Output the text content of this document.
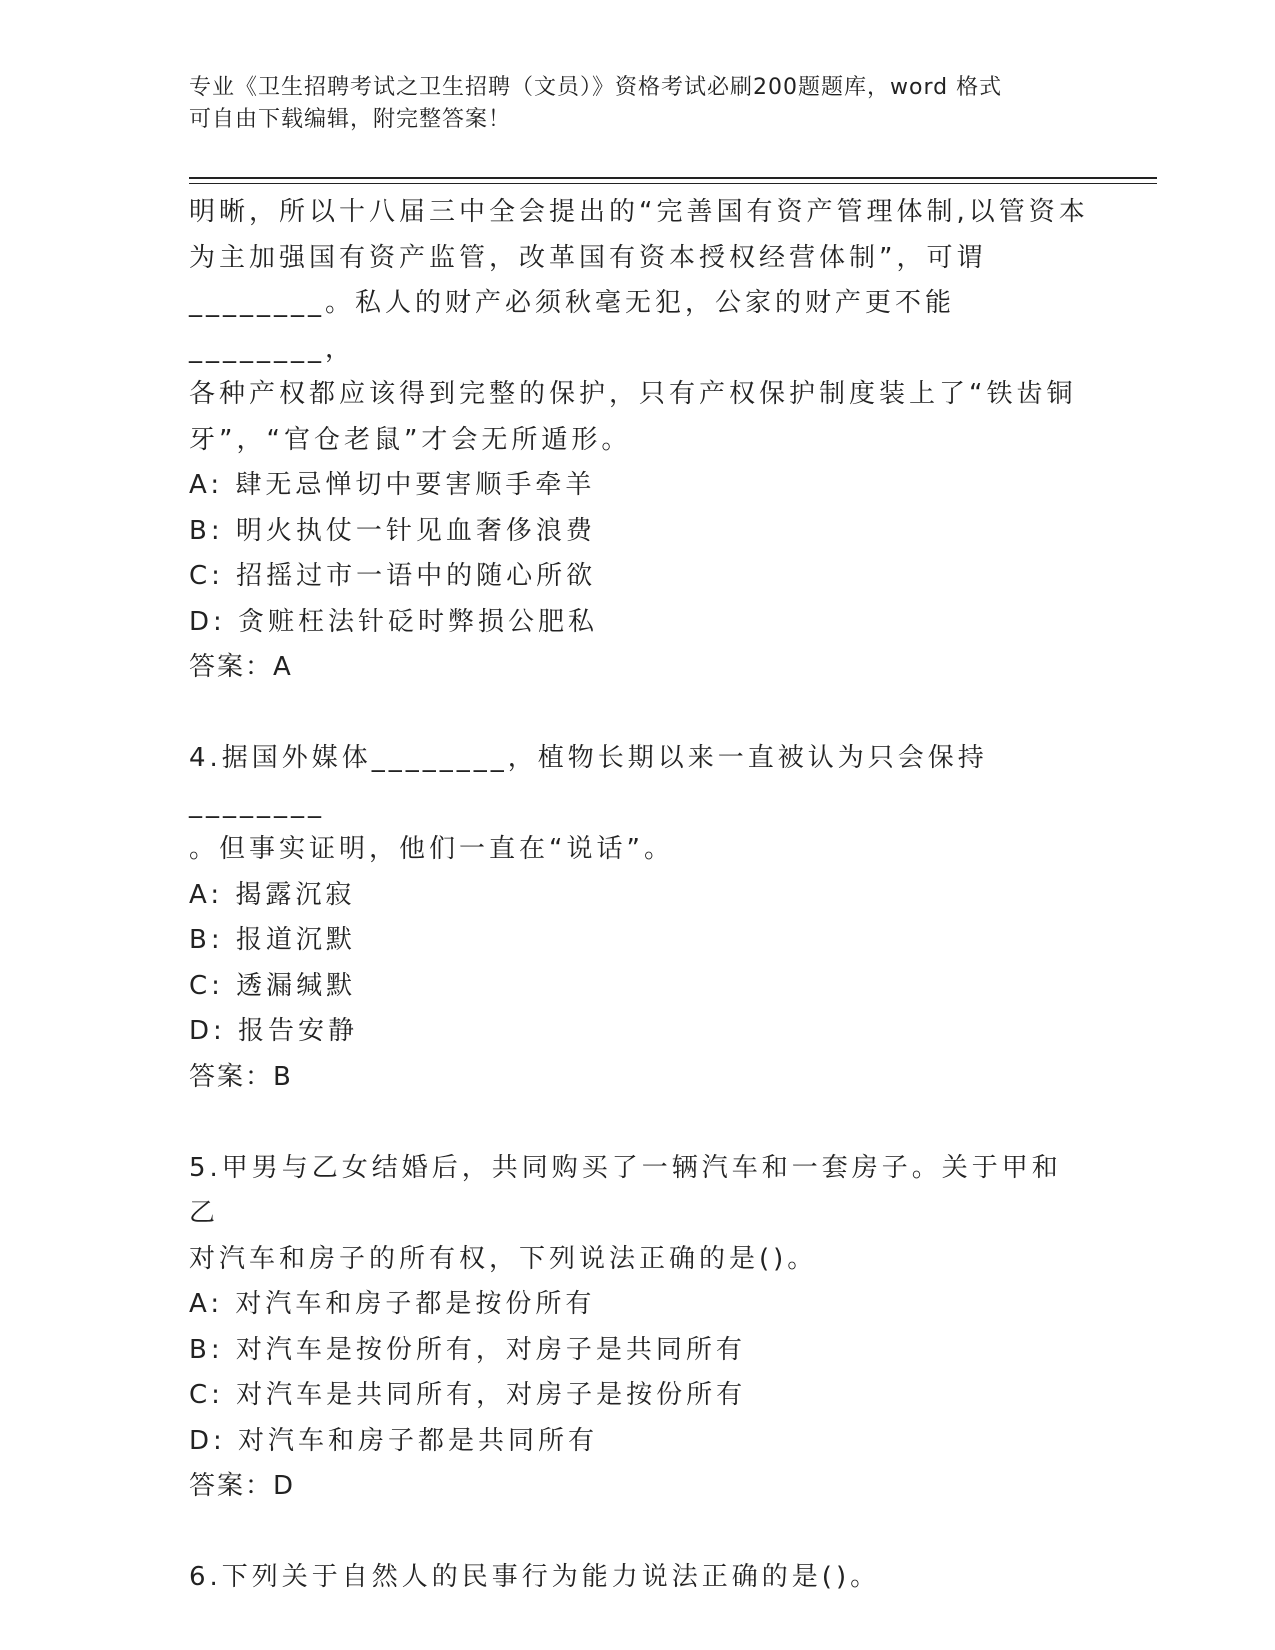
专业《卫生招聘考试之卫生招聘（文员）》资格考试必刷200题题库，word 格式
可自由下载编辑，附完整答案！

明晰，所以十八届三中全会提出的“完善国有资产管理体制,以管资本

为主加强国有资产监管，改革国有资本授权经营体制”，可谓

________。私人的财产必须秋毫无犯，公家的财产更不能________，

各种产权都应该得到完整的保护，只有产权保护制度装上了“铁齿铜

牙”，“官仓老鼠”才会无所遁形。

A: 肆无忌惮切中要害顺手牵羊

B: 明火执仗一针见血奢侈浪费

C: 招摇过市一语中的随心所欲

D: 贪赃枉法针砭时弊损公肥私

答案：A

4.据国外媒体________，植物长期以来一直被认为只会保持________

。但事实证明，他们一直在“说话”。

A: 揭露沉寂

B: 报道沉默

C: 透漏缄默

D: 报告安静

答案：B

5.甲男与乙女结婚后，共同购买了一辆汽车和一套房子。关于甲和乙

对汽车和房子的所有权，下列说法正确的是()。

A: 对汽车和房子都是按份所有

B: 对汽车是按份所有，对房子是共同所有

C: 对汽车是共同所有，对房子是按份所有

D: 对汽车和房子都是共同所有

答案：D

6.下列关于自然人的民事行为能力说法正确的是()。
